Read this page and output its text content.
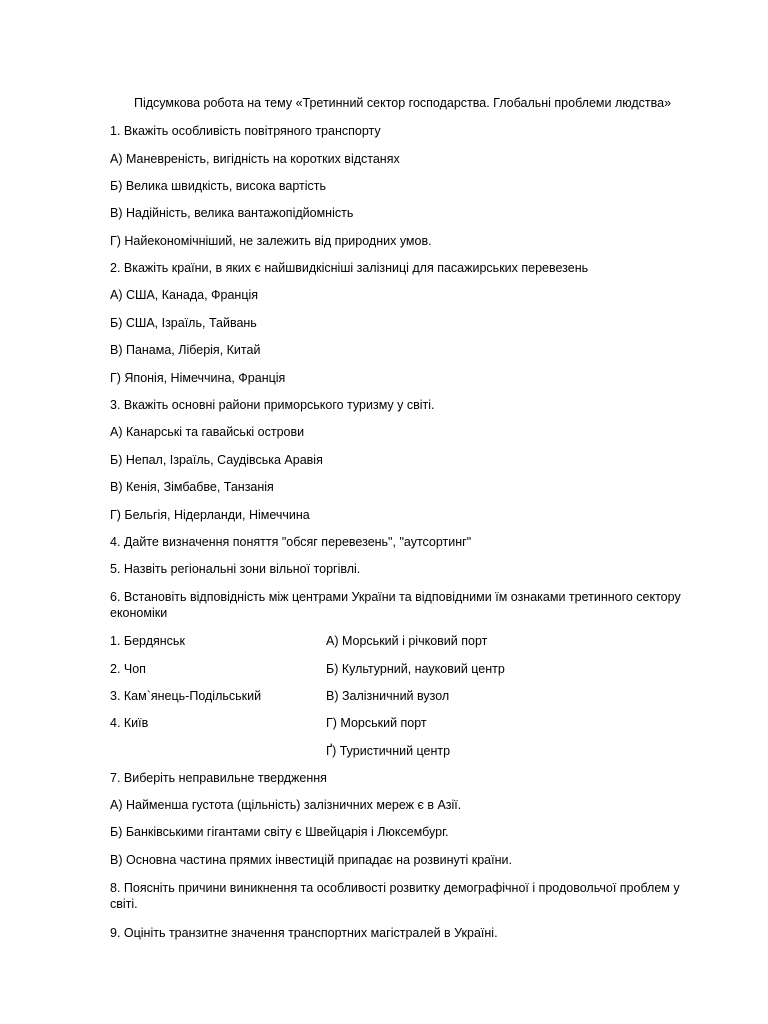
Підсумкова робота на тему «Третинний сектор господарства. Глобальні проблеми людства»
1. Вкажіть особливість повітряного транспорту
А) Маневреність, вигідність на коротких відстанях
Б) Велика швидкість, висока вартість
В) Надійність, велика вантажопідйомність
Г) Найекономічніший, не залежить від природних умов.
2. Вкажіть країни, в яких є найшвидкісніші залізниці для пасажирських перевезень
А) США, Канада, Франція
Б) США, Ізраїль, Тайвань
В) Панама, Ліберія, Китай
Г) Японія, Німеччина, Франція
3. Вкажіть основні райони приморського туризму у світі.
А) Канарські та гавайські острови
Б) Непал, Ізраїль, Саудівська Аравія
В) Кенія, Зімбабве, Танзанія
Г) Бельгія, Нідерланди, Німеччина
4. Дайте визначення поняття "обсяг перевезень", "аутсортинг"
5. Назвіть регіональні зони вільної торгівлі.
6. Встановіть відповідність між центрами України та відповідними їм ознаками третинного сектору економіки
1. Бердянськ	А) Морський і річковий порт
2. Чоп	Б) Культурний, науковий центр
3. Кам`янець-Подільський	В) Залізничний вузол
4. Київ	Г) Морський порт
Ґ) Туристичний центр
7. Виберіть неправильне твердження
А) Найменша густота (щільність) залізничних мереж є в Азії.
Б) Банківськими гігантами світу є Швейцарія і Люксембург.
В) Основна частина прямих інвестицій припадає на розвинуті країни.
8. Поясніть причини виникнення та особливості розвитку демографічної і продовольчої проблем у світі.
9. Оцініть транзитне значення транспортних магістралей в Україні.
